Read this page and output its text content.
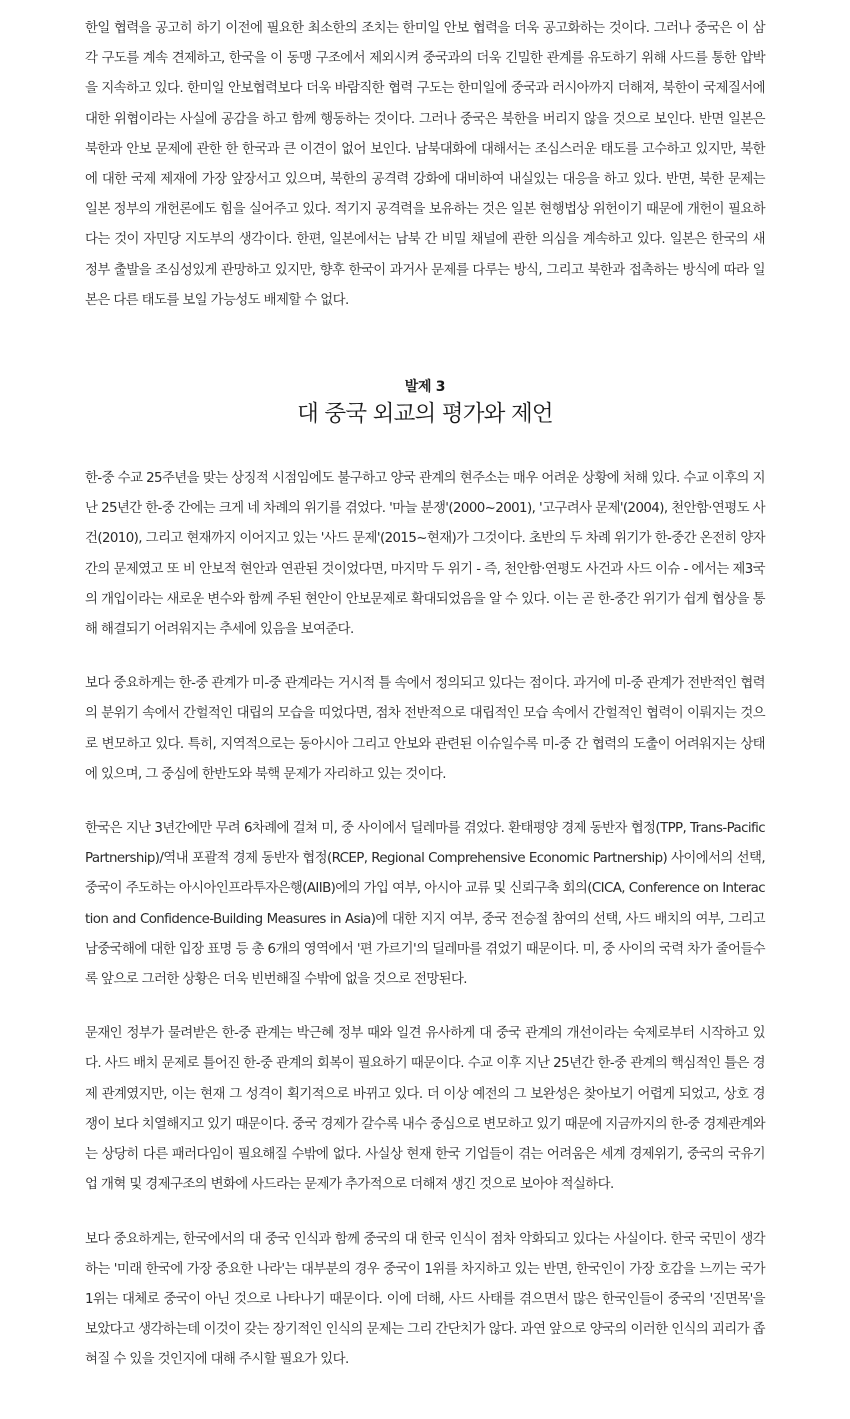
한일 협력을 공고히 하기 이전에 필요한 최소한의 조치는 한미일 안보 협력을 더욱 공고화하는 것이다. 그러나 중국은 이 삼각 구도를 계속 견제하고, 한국을 이 동맹 구조에서 제외시켜 중국과의 더욱 긴밀한 관계를 유도하기 위해 사드를 통한 압박을 지속하고 있다. 한미일 안보협력보다 더욱 바람직한 협력 구도는 한미일에 중국과 러시아까지 더해져, 북한이 국제질서에 대한 위협이라는 사실에 공감을 하고 함께 행동하는 것이다. 그러나 중국은 북한을 버리지 않을 것으로 보인다. 반면 일본은 북한과 안보 문제에 관한 한 한국과 큰 이견이 없어 보인다. 남북대화에 대해서는 조심스러운 태도를 고수하고 있지만, 북한에 대한 국제 제재에 가장 앞장서고 있으며, 북한의 공격력 강화에 대비하여 내실있는 대응을 하고 있다. 반면, 북한 문제는 일본 정부의 개헌론에도 힘을 실어주고 있다. 적기지 공격력을 보유하는 것은 일본 현행법상 위헌이기 때문에 개헌이 필요하다는 것이 자민당 지도부의 생각이다. 한편, 일본에서는 남북 간 비밀 채널에 관한 의심을 계속하고 있다. 일본은 한국의 새 정부 출발을 조심성있게 관망하고 있지만, 향후 한국이 과거사 문제를 다루는 방식, 그리고 북한과 접촉하는 방식에 따라 일본은 다른 태도를 보일 가능성도 배제할 수 없다.

발제 3
대 중국 외교의 평가와 제언

한-중 수교 25주년을 맞는 상징적 시점임에도 불구하고 양국 관계의 현주소는 매우 어려운 상황에 처해 있다. 수교 이후의 지난 25년간 한-중 간에는 크게 네 차례의 위기를 겪었다. '마늘 분쟁'(2000~2001), '고구려사 문제'(2004), 천안함·연평도 사건(2010), 그리고 현재까지 이어지고 있는 '사드 문제'(2015~현재)가 그것이다. 초반의 두 차례 위기가 한-중간 온전히 양자 간의 문제였고 또 비 안보적 현안과 연관된 것이었다면, 마지막 두 위기 - 즉, 천안함·연평도 사건과 사드 이슈 - 에서는 제3국의 개입이라는 새로운 변수와 함께 주된 현안이 안보문제로 확대되었음을 알 수 있다. 이는 곧 한-중간 위기가 쉽게 협상을 통해 해결되기 어려워지는 추세에 있음을 보여준다.

보다 중요하게는 한-중 관계가 미-중 관계라는 거시적 틀 속에서 정의되고 있다는 점이다. 과거에 미-중 관계가 전반적인 협력의 분위기 속에서 간헐적인 대립의 모습을 띠었다면, 점차 전반적으로 대립적인 모습 속에서 간헐적인 협력이 이뤄지는 것으로 변모하고 있다. 특히, 지역적으로는 동아시아 그리고 안보와 관련된 이슈일수록 미-중 간 협력의 도출이 어려워지는 상태에 있으며, 그 중심에 한반도와 북핵 문제가 자리하고 있는 것이다.

한국은 지난 3년간에만 무려 6차례에 걸쳐 미, 중 사이에서 딜레마를 겪었다. 환태평양 경제 동반자 협정(TPP, Trans-Pacific Partnership)/역내 포괄적 경제 동반자 협정(RCEP, Regional Comprehensive Economic Partnership) 사이에서의 선택, 중국이 주도하는 아시아인프라투자은행(AIIB)에의 가입 여부, 아시아 교류 및 신뢰구축 회의(CICA, Conference on Interaction and Confidence-Building Measures in Asia)에 대한 지지 여부, 중국 전승절 참여의 선택, 사드 배치의 여부, 그리고 남중국해에 대한 입장 표명 등 총 6개의 영역에서 '편 가르기'의 딜레마를 겪었기 때문이다. 미, 중 사이의 국력 차가 줄어들수록 앞으로 그러한 상황은 더욱 빈번해질 수밖에 없을 것으로 전망된다.

문재인 정부가 물려받은 한-중 관계는 박근혜 정부 때와 일견 유사하게 대 중국 관계의 개선이라는 숙제로부터 시작하고 있다. 사드 배치 문제로 틀어진 한-중 관계의 회복이 필요하기 때문이다. 수교 이후 지난 25년간 한-중 관계의 핵심적인 틀은 경제 관계였지만, 이는 현재 그 성격이 획기적으로 바뀌고 있다. 더 이상 예전의 그 보완성은 찾아보기 어렵게 되었고, 상호 경쟁이 보다 치열해지고 있기 때문이다. 중국 경제가 갈수록 내수 중심으로 변모하고 있기 때문에 지금까지의 한-중 경제관계와는 상당히 다른 패러다임이 필요해질 수밖에 없다. 사실상 현재 한국 기업들이 겪는 어려움은 세계 경제위기, 중국의 국유기업 개혁 및 경제구조의 변화에 사드라는 문제가 추가적으로 더해져 생긴 것으로 보아야 적실하다.

보다 중요하게는, 한국에서의 대 중국 인식과 함께 중국의 대 한국 인식이 점차 악화되고 있다는 사실이다. 한국 국민이 생각하는 '미래 한국에 가장 중요한 나라'는 대부분의 경우 중국이 1위를 차지하고 있는 반면, 한국인이 가장 호감을 느끼는 국가 1위는 대체로 중국이 아닌 것으로 나타나기 때문이다. 이에 더해, 사드 사태를 겪으면서 많은 한국인들이 중국의 '진면목'을 보았다고 생각하는데 이것이 갖는 장기적인 인식의 문제는 그리 간단치가 않다. 과연 앞으로 양국의 이러한 인식의 괴리가 좁혀질 수 있을 것인지에 대해 주시할 필요가 있다.
